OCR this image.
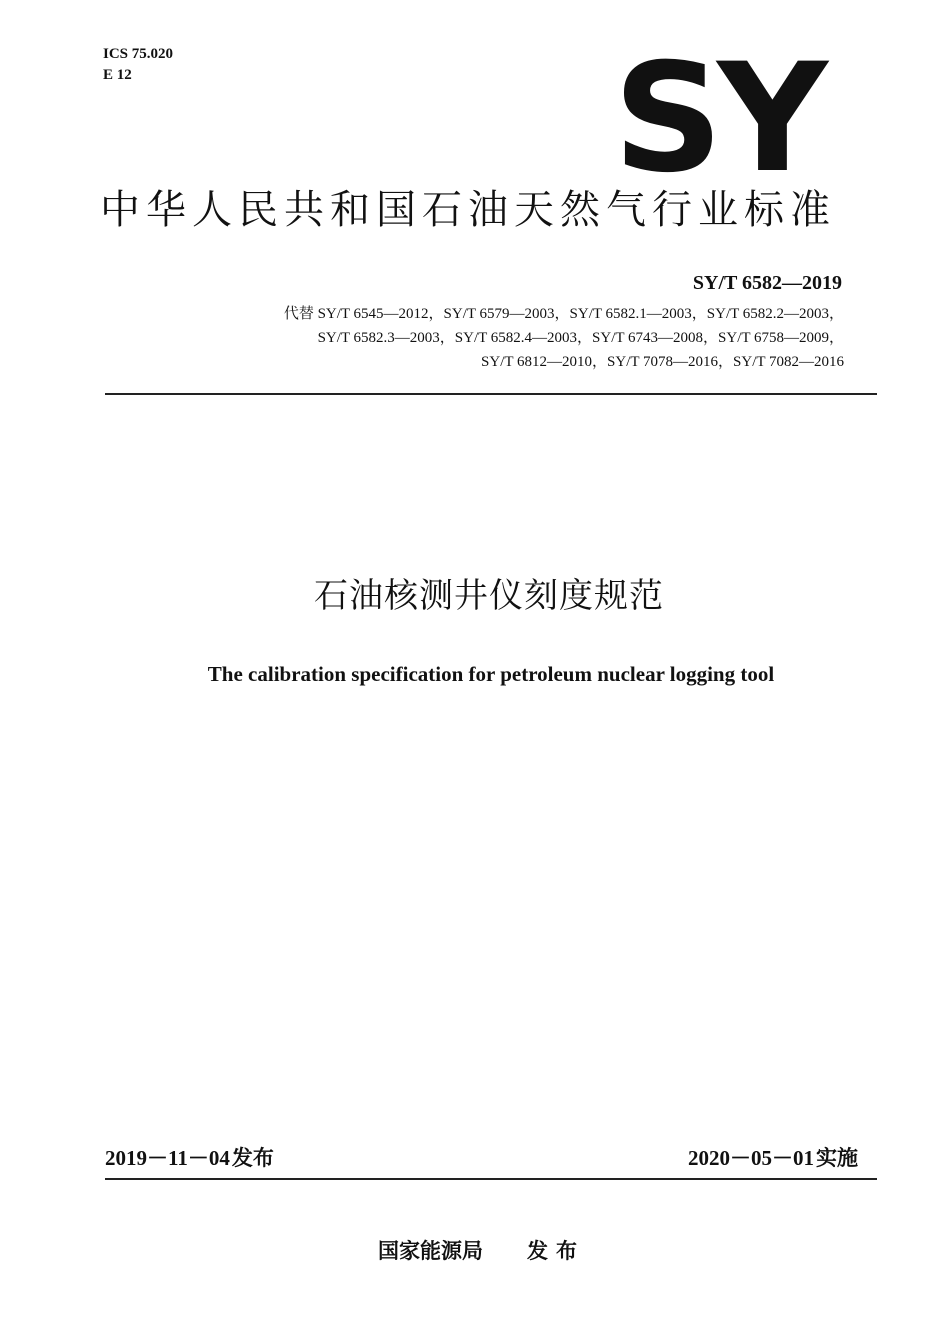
ICS 75.020
E 12	SY
中华人民共和国石油天然气行业标准
SY/T 6582—2019
代替 SY/T 6545—2012，SY/T 6579—2003，SY/T 6582.1—2003，SY/T 6582.2—2003，
SY/T 6582.3—2003，SY/T 6582.4—2003，SY/T 6743—2008，SY/T 6758—2009，
SY/T 6812—2010，SY/T 7078—2016，SY/T 7082—2016
石油核测井仪刻度规范
The calibration specification for petroleum nuclear logging tool
2019－11－04发布	2020－05－01实施
国家能源局 发布
